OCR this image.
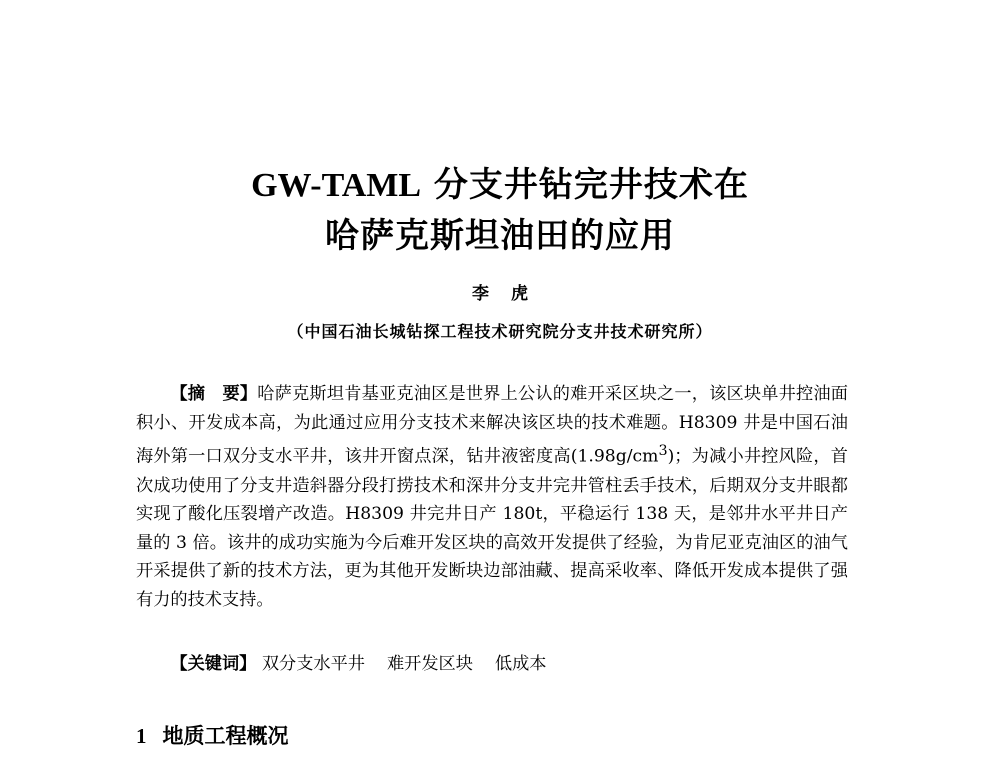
GW-TAML 分支井钻完井技术在
哈萨克斯坦油田的应用
李虎
（中国石油长城钻探工程技术研究院分支井技术研究所）
【摘　要】哈萨克斯坦肯基亚克油区是世界上公认的难开采区块之一，该区块单井控油面积小、开发成本高，为此通过应用分支技术来解决该区块的技术难题。H8309 井是中国石油海外第一口双分支水平井，该井开窗点深，钻井液密度高$(1.98g/cm^3)$；为减小井控风险，首次成功使用了分支井造斜器分段打捞技术和深井分支井完井管柱丢手技术，后期双分支井眼都实现了酸化压裂增产改造。H8309 井完井日产 180t，平稳运行 138 天，是邻井水平井日产量的 3 倍。该井的成功实施为今后难开发区块的高效开发提供了经验，为肯尼亚克油区的油气开采提供了新的技术方法，更为其他开发断块边部油藏、提高采收率、降低开发成本提供了强有力的技术支持。
【关键词】 双分支水平井 难开发区块 低成本
1 地质工程概况
